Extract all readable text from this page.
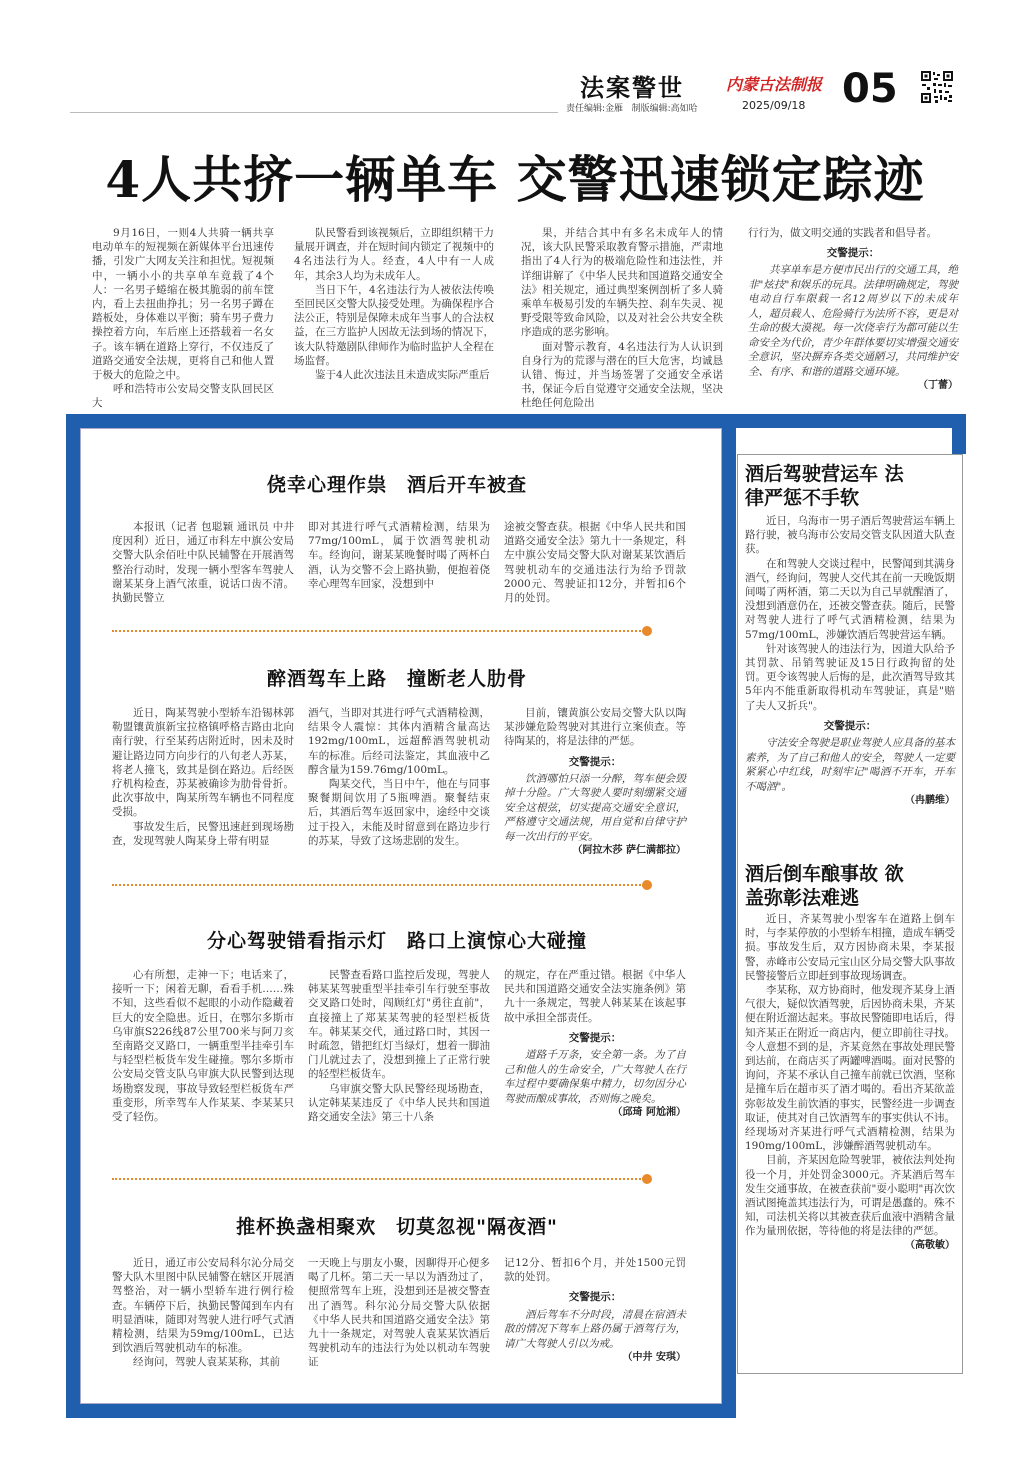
法案警世	内蒙古法制报
责任编辑:金雁 制版编辑:高如哈	2025/09/18 05
4人共挤一辆单车 交警迅速锁定踪迹

9月16日，一则4人共骑一辆共享电动单车的短视频在新媒体平台迅速传播，引发广大网友关注和担忧。短视频中，一辆小小的共享单车竟载了4个人：一名男子蜷缩在极其脆弱的前车筐内，看上去扭曲挣扎；另一名男子蹲在踏板处，身体难以平衡；骑车男子费力操控着方向，车后座上还搭载着一名女子。该车辆在道路上穿行，不仅违反了道路交通安全法规，更将自己和他人置于极大的危险之中。

呼和浩特市公安局交警支队回民区大

队民警看到该视频后，立即组织精干力量展开调查，并在短时间内锁定了视频中的4名违法行为人。经查，4人中有一人成年，其余3人均为未成年人。

当日下午，4名违法行为人被依法传唤至回民区交警大队接受处理。为确保程序合法公正，特别是保障未成年当事人的合法权益，在三方监护人因故无法到场的情况下，该大队特邀剧队律师作为临时监护人全程在场监督。

鉴于4人此次违法且未造成实际严重后

果，并结合其中有多名未成年人的情况，该大队民警采取教育警示措施，严肃地指出了4人行为的极端危险性和违法性，并详细讲解了《中华人民共和国道路交通安全法》相关规定，通过典型案例剖析了多人骑乘单车极易引发的车辆失控、刹车失灵、视野受限等致命风险，以及对社会公共安全秩序造成的恶劣影响。

面对警示教育，4名违法行为人认识到自身行为的荒谬与潜在的巨大危害，均诚恳认错、悔过，并当场签署了交通安全承诺书，保证今后自觉遵守交通安全法规，坚决杜绝任何危险出

行行为，做文明交通的实践者和倡导者。

交警提示：

共享单车是方便市民出行的交通工具，绝非"炫技"和娱乐的玩具。法律明确规定，驾驶电动自行车限载一名12周岁以下的未成年人，超员载人、危险骑行为法所不容，更是对生命的极大漠视。每一次侥幸行为都可能以生命安全为代价，青少年群体要切实增强交通安全意识，坚决摒弃各类交通陋习，共同维护安全、有序、和谐的道路交通环境。

（丁蕾）
侥幸心理作祟　酒后开车被查

本报讯（记者 包聪颖 通讯员 中井 度因利）近日，通辽市科左中旗公安局交警大队余佰吐中队民辅警在开展酒驾整治行动时，发现一辆小型客车驾驶人谢某某身上酒气浓重，说话口齿不清。执勤民警立

即对其进行呼气式酒精检测，结果为77mg/100mL，属于饮酒驾驶机动车。经询问，谢某某晚餐时喝了两杯白酒，认为交警不会上路执勤，便抱着侥幸心理驾车回家，没想到中

途被交警查获。根据《中华人民共和国道路交通安全法》第九十一条规定，科左中旗公安局交警大队对谢某某饮酒后驾驶机动车的交通违法行为给予罚款2000元、驾驶证扣12分，并暂扣6个月的处罚。

醉酒驾车上路　撞断老人肋骨

近日，陶某驾驶小型轿车沿锡林郭勒盟镶黄旗新宝拉格镇呼格吉路由北向南行驶，行至某药店附近时，因未及时避让路边同方向步行的八旬老人苏某，将老人撞飞，致其是倒在路边。后经医疗机构检查，苏某被确诊为肋骨骨折。此次事故中，陶某所驾车辆也不同程度受损。

事故发生后，民警迅速赶到现场勘查，发现驾驶人陶某身上带有明显

酒气，当即对其进行呼气式酒精检测，结果令人震惊：其体内酒精含量高达192mg/100mL，远超醉酒驾驶机动车的标准。后经司法鉴定，其血液中乙醇含量为159.76mg/100mL。

陶某交代，当日中午，他在与同事聚餐期间饮用了5瓶啤酒。聚餐结束后，其酒后驾车返回家中，途经中交谈过于投入，未能及时留意到在路边步行的苏某，导致了这场悲剧的发生。

目前，镶黄旗公安局交警大队以陶某涉嫌危险驾驶对其进行立案侦查。等待陶某的，将是法律的严惩。

交警提示：

饮酒哪怕只添一分醉，驾车便会毁掉十分险。广大驾驶人要时刻绷紧交通安全这根弦，切实提高交通安全意识，严格遵守交通法规，用自觉和自律守护每一次出行的平安。

（阿拉木莎 萨仁满都拉）
分心驾驶错看指示灯　路口上演惊心大碰撞

心有所想，走神一下；电话来了，接听一下；闲着无聊，看看手机……殊不知，这些看似不起眼的小动作隐藏着巨大的安全隐患。近日，在鄂尔多斯市乌审旗S226线87公里700米与阿刀亥至南路交叉路口，一辆重型半挂牵引车与轻型栏板货车发生碰撞。鄂尔多斯市公安局交管支队乌审旗大队民警到达现场勘察发现，事故导致轻型栏板货车严重变形，所幸驾车人作某某、李某某只受了轻伤。

民警查看路口监控后发现，驾驶人韩某某驾驶重型半挂牵引车行驶至事故交叉路口处时，闯顾红灯"勇往直前"，直接撞上了郑某某驾驶的轻型栏板货车。韩某某交代，通过路口时，其因一时疏忽，错把红灯当绿灯，想着一脚油门儿就过去了，没想到撞上了正常行驶的轻型栏板货车。

乌审旗交警大队民警经现场勘查，认定韩某某违反了《中华人民共和国道路交通安全法》第三十八条

的规定，存在严重过错。根据《中华人民共和国道路交通安全法实施条例》第九十一条规定，驾驶人韩某某在该起事故中承担全部责任。

交警提示：

道路千万条，安全第一条。为了自己和他人的生命安全，广大驾驶人在行车过程中要确保集中精力，切勿因分心驾驶而酿成事故，否则悔之晚矣。

（邱琦 阿尬湘）
推杯换盏相聚欢　切莫忽视"隔夜酒"

近日，通辽市公安局科尔沁分局交警大队木里图中队民辅警在辖区开展酒驾整治，对一辆小型轿车进行例行检查。车辆停下后，执勤民警闻到车内有明显酒味，随即对驾驶人进行呼气式酒精检测，结果为59mg/100mL，已达到饮酒后驾驶机动车的标准。

经询问，驾驶人袁某某称，其前

一天晚上与朋友小聚，因聊得开心便多喝了几杯。第二天一早以为酒劲过了，便照常驾车上班，没想到还是被交警查出了酒驾。科尔沁分局交警大队依据《中华人民共和国道路交通安全法》第九十一条规定，对驾驶人袁某某饮酒后驾驶机动车的违法行为处以机动车驾驶证

记12分、暂扣6个月，并处1500元罚款的处罚。

交警提示：

酒后驾车不分时段，清晨在宿酒未散的情况下驾车上路仍属于酒驾行为，请广大驾驶人引以为戒。

（中井 安琪）
酒后驾驶营运车 法律严惩不手软

近日，乌海市一男子酒后驾驶营运车辆上路行驶，被乌海市公安局交管支队因道大队查获。

在和驾驶人交谈过程中，民警闻到其满身酒气，经询问，驾驶人交代其在前一天晚饭期间喝了两杯酒，第二天以为自己早就醒酒了，没想到酒意仍在，还被交警查获。随后，民警对驾驶人进行了呼气式酒精检测，结果为57mg/100mL，涉嫌饮酒后驾驶营运车辆。

针对该驾驶人的违法行为，因道大队给予其罚款、吊销驾驶证及15日行政拘留的处罚。更令该驾驶人后悔的是，此次酒驾导致其5年内不能重新取得机动车驾驶证，真是"赔了夫人又折兵"。

交警提示：

守法安全驾驶是职业驾驶人应具备的基本素养，为了自己和他人的安全，驾驶人一定要紧紧心中红线，时刻牢记"喝酒不开车，开车不喝酒"。

（冉鹏维）
酒后倒车酿事故 欲盖弥彰法难逃

近日，齐某驾驶小型客车在道路上倒车时，与李某停放的小型轿车相撞，造成车辆受损。事故发生后，双方因协商未果，李某报警，赤峰市公安局元宝山区分局交警大队事故民警接警后立即赶到事故现场调查。

李某称，双方协商时，他发现齐某身上酒气很大，疑似饮酒驾驶，后因协商未果，齐某便在附近溜达起来。事故民警随即电话后，得知齐某正在附近一商店内，便立即前往寻找。令人意想不到的是，齐某竟然在事故处理民警到达前，在商店买了两罐啤酒喝。面对民警的询问，齐某不承认自己撞车前就已饮酒，坚称是撞车后在超市买了酒才喝的。看出齐某欲盖弥彰故发生前饮酒的事实，民警经进一步调查取证，使其对自己饮酒驾车的事实供认不讳。经现场对齐某进行呼气式酒精检测，结果为190mg/100mL，涉嫌醉酒驾驶机动车。

目前，齐某因危险驾驶罪，被依法判处拘役一个月，并处罚金3000元。齐某酒后驾车发生交通事故，在被查获前"耍小聪明"再次饮酒试图掩盖其违法行为，可谓是愚蠢的。殊不知，司法机关将以其被查获后血液中酒精含量作为量刑依据，等待他的将是法律的严惩。

（高敬敏）
